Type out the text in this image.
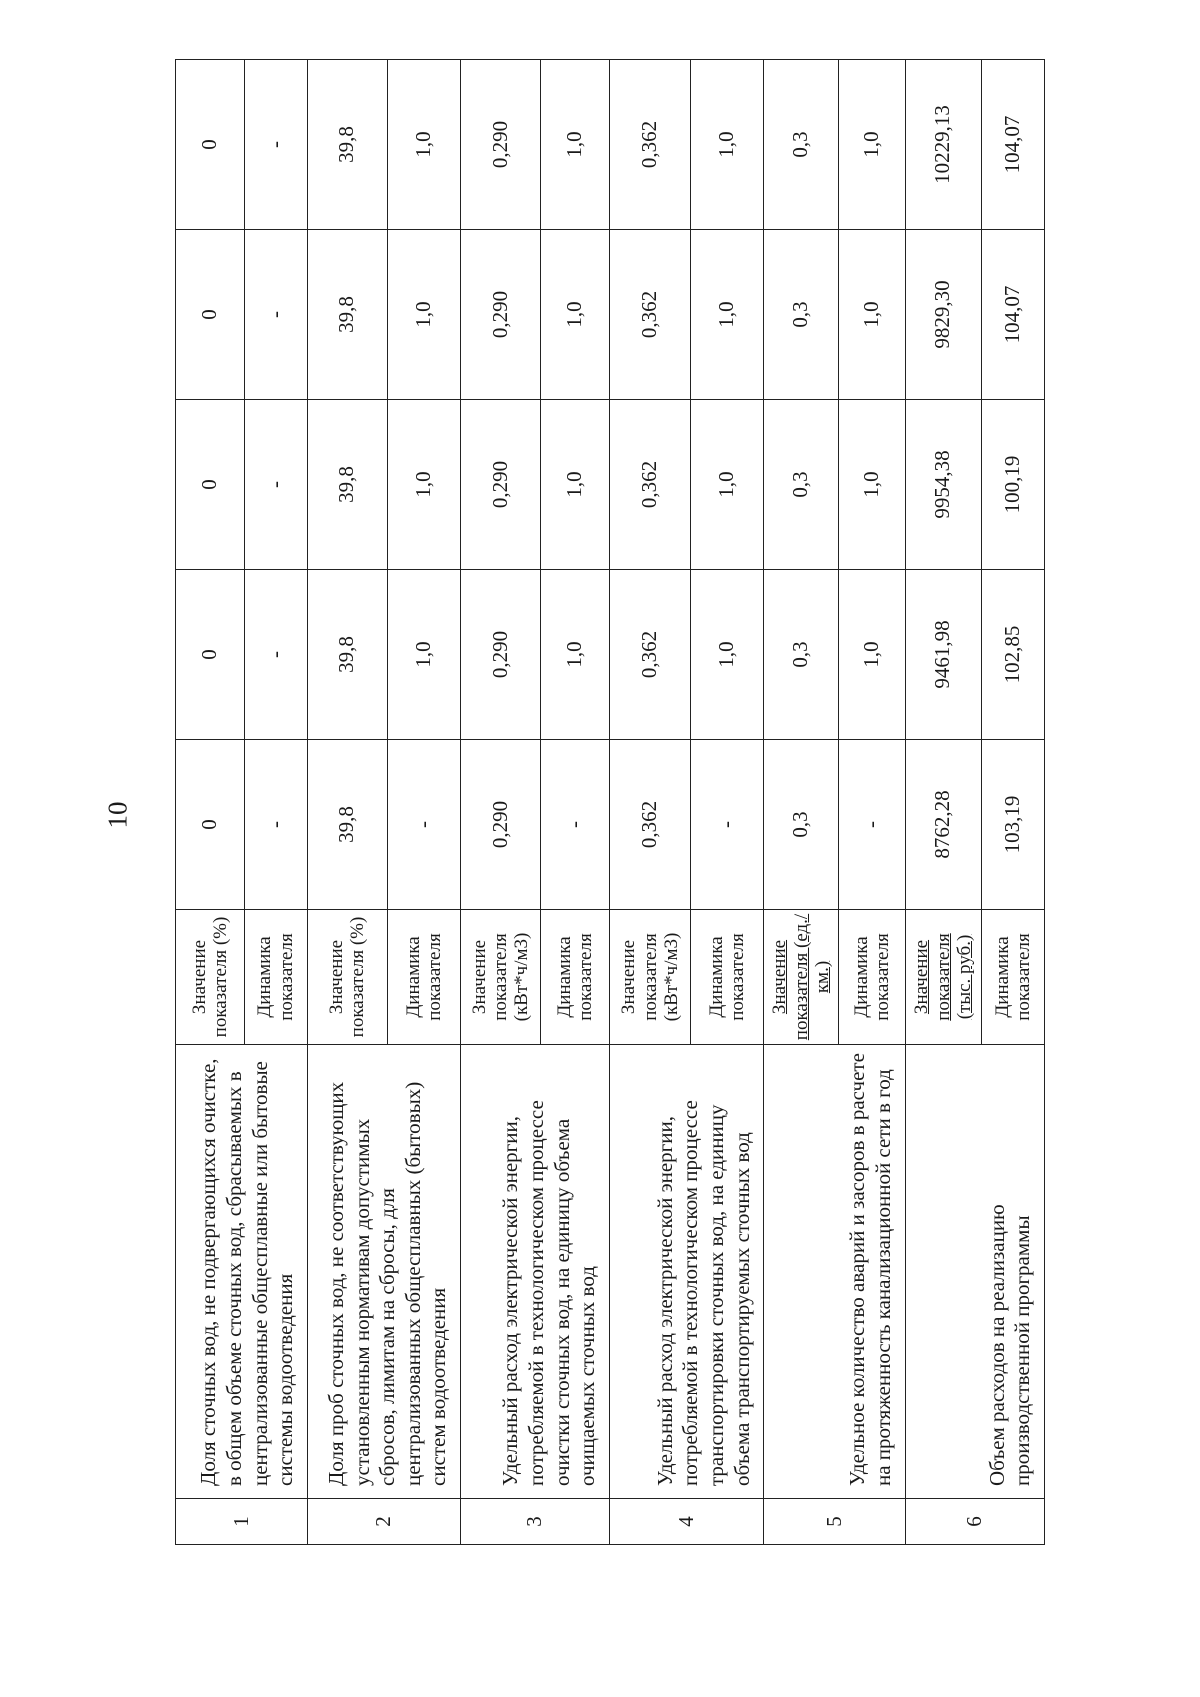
10
1	Доля сточных вод, не подвергающихся очистке, в общем объеме сточных вод, сбрасываемых в централизованные общесплавные или бытовые системы водоотведения	Значение показателя (%)	0	0	0	0	0
		Динамика показателя	-	-	-	-	-
2	Доля проб сточных вод, не соответствующих установленным нормативам допустимых сбросов, лимитам на сбросы, для централизованных общесплавных (бытовых) систем водоотведения	Значение показателя (%)	39,8	39,8	39,8	39,8	39,8
		Динамика показателя	-	1,0	1,0	1,0	1,0
3	Удельный расход электрической энергии, потребляемой в технологическом процессе очистки сточных вод, на единицу объема очищаемых сточных вод	Значение показателя (кВт*ч/м3)	0,290	0,290	0,290	0,290	0,290
		Динамика показателя	-	1,0	1,0	1,0	1,0
4	Удельный расход электрической энергии, потребляемой в технологическом процессе транспортировки сточных вод, на единицу объема транспортируемых сточных вод	Значение показателя (кВт*ч/м3)	0,362	0,362	0,362	0,362	0,362
		Динамика показателя	-	1,0	1,0	1,0	1,0
5	Удельное количество аварий и засоров в расчете на протяженность канализационной сети в год	Значение показателя (ед./км.)	0,3	0,3	0,3	0,3	0,3
		Динамика показателя	-	1,0	1,0	1,0	1,0
6	Объем расходов на реализацию производственной программы	Значение показателя (тыс. руб.)	8762,28	9461,98	9954,38	9829,30	10229,13
		Динамика показателя	103,19	102,85	100,19	104,07	104,07
